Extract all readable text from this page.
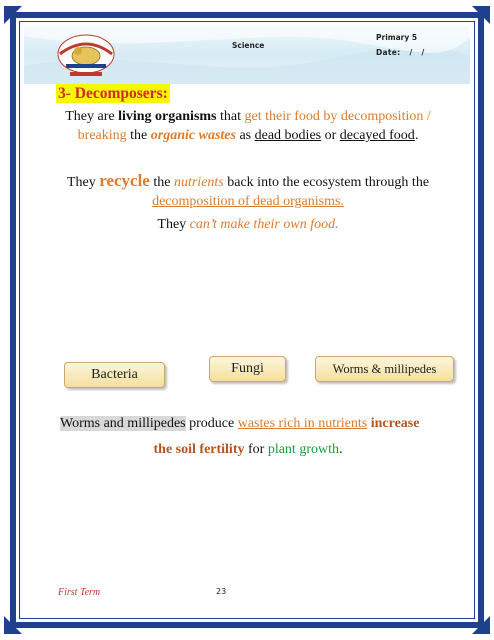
Science
Primary 5
Date: / /
3- Decomposers:
They are living organisms that get their food by decomposition / breaking the organic wastes as dead bodies or decayed food.
They recycle the nutrients back into the ecosystem through the decomposition of dead organisms.
They can’t make their own food.
Bacteria	Fungi	Worms & millipedes
Worms and millipedes produce wastes rich in nutrients increase
the soil fertility for plant growth.
First Term	23
